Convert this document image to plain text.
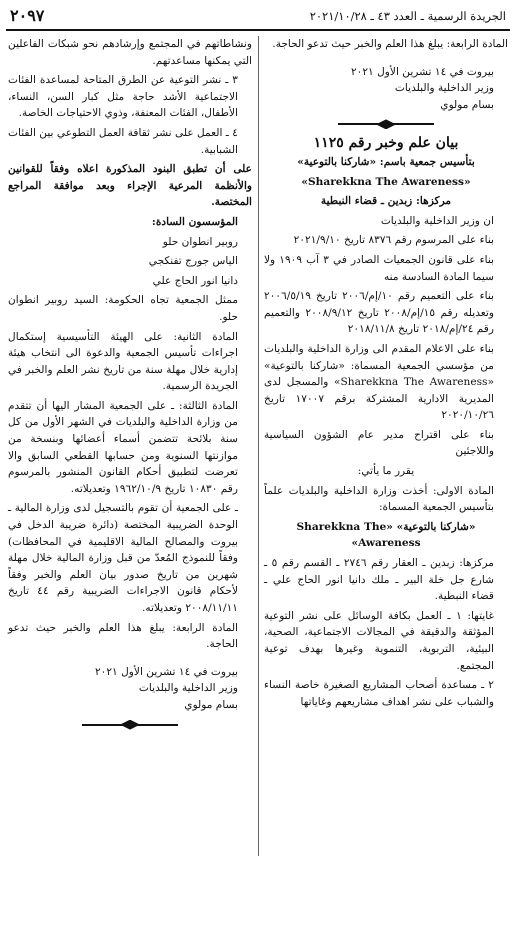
الجريدة الرسمية ـ العدد ٤٣ ـ ٢٠٢١/١٠/٢٨
٢٠٩٧

المادة الرابعة: يبلغ هذا العلم والخبر حيث تدعو الحاجة.

بيروت في ١٤ تشرين الأول ٢٠٢١

وزير الداخلية والبلديات

بسام مولوي

بيان علم وخبر رقم ١١٢٥

بتأسيس جمعية باسم: «شاركنا بالتوعية»

«Sharekkna The Awareness»

مركزها: زبدين ـ قضاء النبطية

ان وزير الداخلية والبلديات

بناء على المرسوم رقم ٨٣٧٦ تاريخ ٢٠٢١/٩/١٠

بناء على قانون الجمعيات الصادر في ٣ آب ١٩٠٩ ولا سيما المادة السادسة منه

بناء على التعميم رقم ١٠/إم/٢٠٠٦ تاريخ ٢٠٠٦/٥/١٩ وتعديله رقم ١٥/إم/٢٠٠٨ تاريخ ٢٠٠٨/٩/١٢ والتعميم رقم ٢٤/إم/٢٠١٨ تاريخ ٢٠١٨/١١/٨

بناء على الاعلام المقدم الى وزارة الداخلية والبلديات من مؤسسي الجمعية المسماة: «شاركنا بالتوعية» «Sharekkna The Awareness» والمسجل لدى المديرية الادارية المشتركة برقم ١٧٠٠٧ تاريخ ٢٠٢٠/١٠/٢٦

بناء على اقتراح مدير عام الشؤون السياسية واللاجئين

يقرر ما يأتي:

المادة الاولى: أخذت وزارة الداخلية والبلديات علماً بتأسيس الجمعية المسماة:

«شاركنا بالتوعية» «Sharekkna The Awareness»

مركزها: زبدين ـ العقار رقم ٢٧٤٦ ـ القسم رقم ٥ ـ شارع جل خلة البير ـ ملك دانيا انور الحاج علي ـ قضاء النبطية.

غايتها: ١ ـ العمل بكافة الوسائل على نشر التوعية المؤثقة والدقيقة في المجالات الاجتماعية، الصحية، البيئية، التربوية، التنموية وغيرها بهدف توعية المجتمع.

٢ ـ مساعدة أصحاب المشاريع الصغيرة خاصة النساء والشباب على نشر اهداف مشاريعهم وغاياتها

ونشاطاتهم في المجتمع وإرشادهم نحو شبكات الفاعلين التي يمكنها مساعدتهم.

٣ ـ نشر التوعية عن الطرق المتاحة لمساعدة الفئات الاجتماعية الأشد حاجة مثل كبار السن، النساء، الأطفال، الفئات المعنفة، وذوي الاحتياجات الخاصة.

٤ ـ العمل على نشر ثقافة العمل التطوعي بين الفئات الشبابية.

على أن تطبق البنود المذكورة اعلاه وفقاً للقوانين والأنظمة المرعية الإجراء وبعد موافقة المراجع المختصة.

المؤسسون السادة:

روبير انطوان حلو

الياس جورج تفنكجي

دانيا انور الحاج علي

ممثل الجمعية تجاه الحكومة: السيد روبير انطوان حلو.

المادة الثانية: على الهيئة التأسيسية إستكمال اجراءات تأسيس الجمعية والدعوة الى انتخاب هيئة إدارية خلال مهلة سنة من تاريخ نشر العلم والخبر في الجريدة الرسمية.

المادة الثالثة: ـ على الجمعية المشار اليها أن تتقدم من وزارة الداخلية والبلديات في الشهر الأول من كل سنة بلائحة تتضمن أسماء أعضائها وبنسخة من موازنتها السنوية ومن حسابها القطعي السابق والا تعرضت لتطبيق أحكام القانون المنشور بالمرسوم رقم ١٠٨٣٠ تاريخ ١٩٦٢/١٠/٩ وتعديلاته.

ـ على الجمعية أن تقوم بالتسجيل لدى وزارة المالية ـ الوحدة الضريبية المختصة (دائرة ضريبة الدخل في بيروت والمصالح المالية الاقليمية في المحافظات) وفقاً للنموذج المُعدّ من قبل وزارة المالية خلال مهلة شهرين من تاريخ صدور بيان العلم والخبر وفقاً لأحكام قانون الاجراءات الضريبية رقم ٤٤ تاريخ ٢٠٠٨/١١/١١ وتعديلاته.

المادة الرابعة: يبلغ هذا العلم والخبر حيث تدعو الحاجة.

بيروت في ١٤ تشرين الأول ٢٠٢١

وزير الداخلية والبلديات

بسام مولوي
